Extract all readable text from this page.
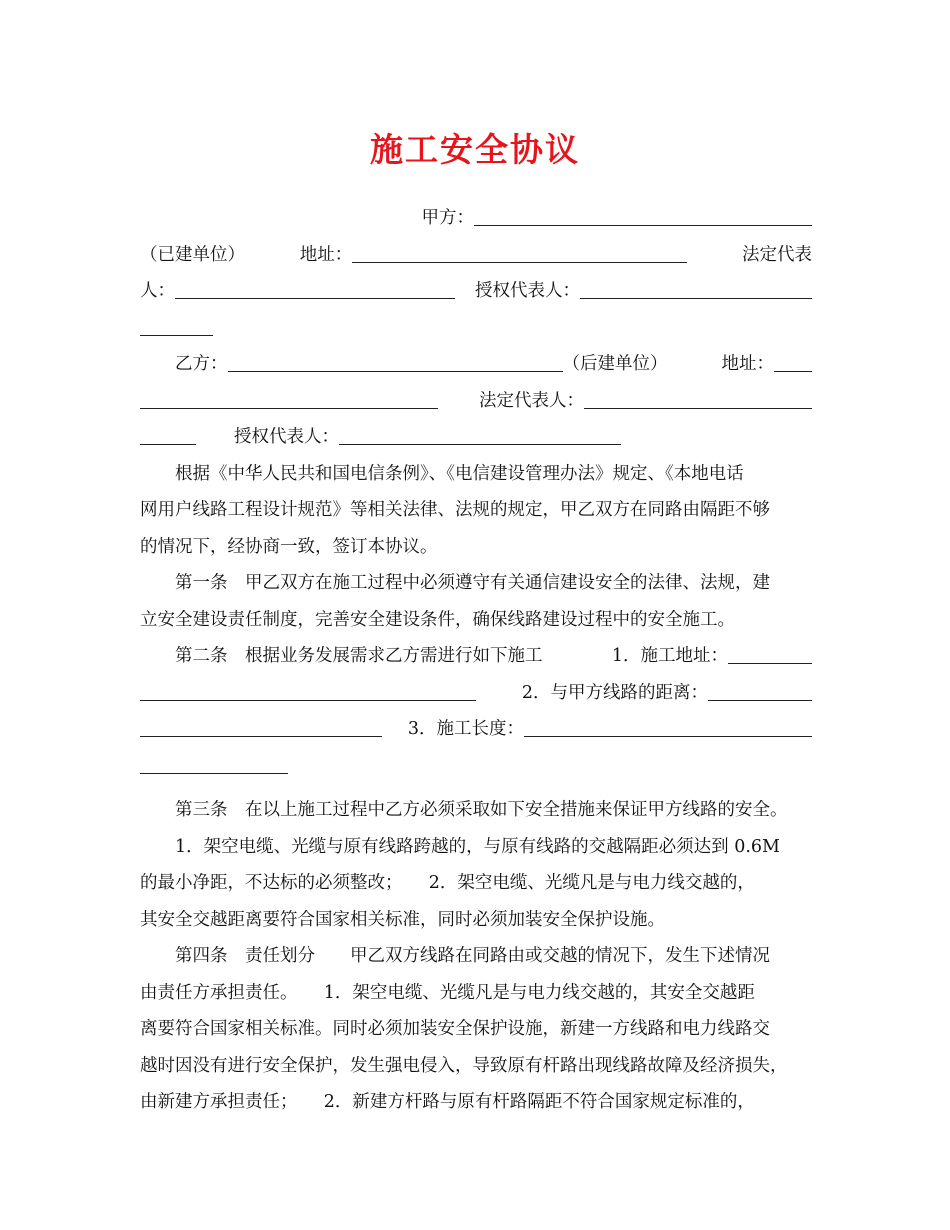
施工安全协议
甲方：
（已建单位）	地址：	法定代表
人：	授权代表人：
乙方：	（后建单位）	地址：
法定代表人：
授权代表人：
根据《中华人民共和国电信条例》、《电信建设管理办法》规定、《本地电话
网用户线路工程设计规范》等相关法律、法规的规定，甲乙双方在同路由隔距不够
的情况下，经协商一致，签订本协议。
第一条　甲乙双方在施工过程中必须遵守有关通信建设安全的法律、法规，建
立安全建设责任制度，完善安全建设条件，确保线路建设过程中的安全施工。
第二条　根据业务发展需求乙方需进行如下施工	1．施工地址：
2．与甲方线路的距离：
3．施工长度：
第三条　在以上施工过程中乙方必须采取如下安全措施来保证甲方线路的安全。
1．架空电缆、光缆与原有线路跨越的，与原有线路的交越隔距必须达到 0.6M
的最小净距，不达标的必须整改；　　2．架空电缆、光缆凡是与电力线交越的，
其安全交越距离要符合国家相关标准，同时必须加装安全保护设施。
第四条　责任划分　　甲乙双方线路在同路由或交越的情况下，发生下述情况
由责任方承担责任。　　1．架空电缆、光缆凡是与电力线交越的，其安全交越距
离要符合国家相关标准。同时必须加装安全保护设施，新建一方线路和电力线路交
越时因没有进行安全保护，发生强电侵入，导致原有杆路出现线路故障及经济损失，
由新建方承担责任；　　2．新建方杆路与原有杆路隔距不符合国家规定标准的，
